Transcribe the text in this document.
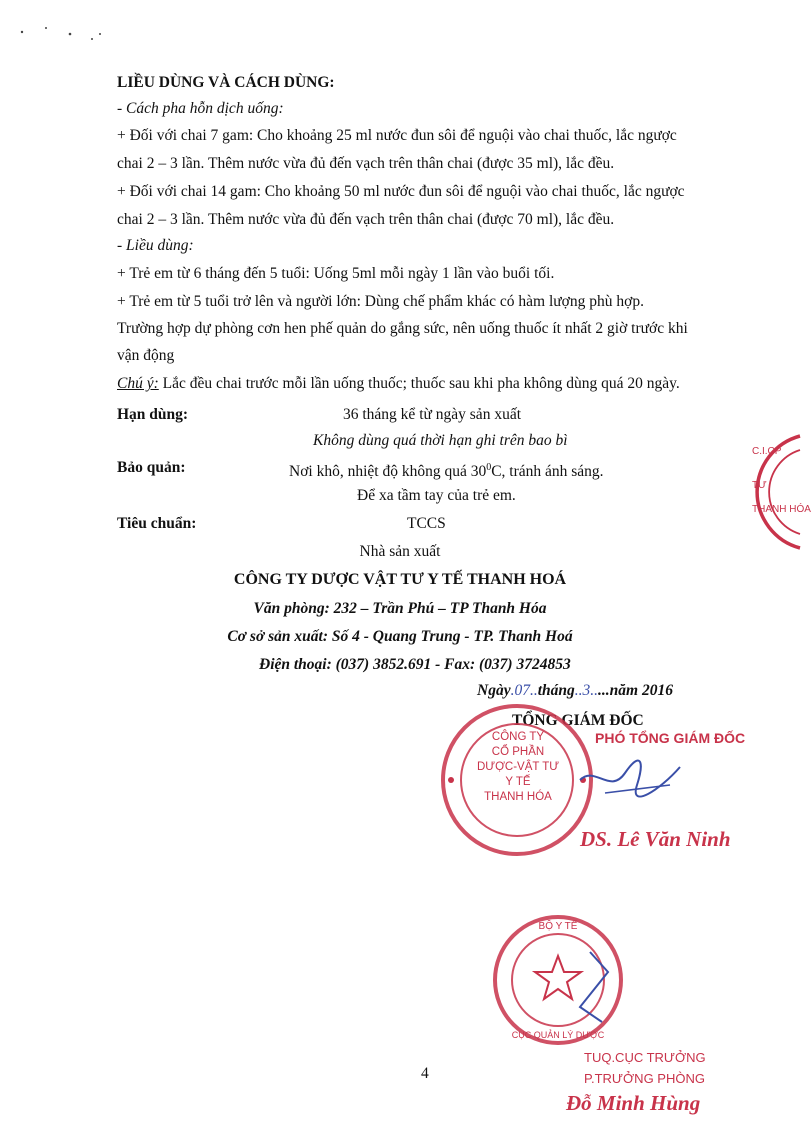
LIỀU DÙNG VÀ CÁCH DÙNG:
- Cách pha hỗn dịch uống:
+ Đối với chai 7 gam: Cho khoảng 25 ml nước đun sôi để nguội vào chai thuốc, lắc ngược
chai 2 – 3 lần. Thêm nước vừa đủ đến vạch trên thân chai (được 35 ml), lắc đều.
+ Đối với chai 14 gam: Cho khoảng 50 ml nước đun sôi để nguội vào chai thuốc, lắc ngược
chai 2 – 3 lần. Thêm nước vừa đủ đến vạch trên thân chai (được 70 ml), lắc đều.
- Liều dùng:
+ Trẻ em từ 6 tháng đến 5 tuổi: Uống 5ml mỗi ngày 1 lần vào buổi tối.
+ Trẻ em từ 5 tuổi trở lên và người lớn: Dùng chế phẩm khác có hàm lượng phù hợp.
Trường hợp dự phòng cơn hen phế quản do gắng sức, nên uống thuốc ít nhất 2 giờ trước khi
vận động
Chú ý: Lắc đều chai trước mỗi lần uống thuốc; thuốc sau khi pha không dùng quá 20 ngày.
Hạn dùng:	36 tháng kể từ ngày sản xuất
Không dùng quá thời hạn ghi trên bao bì
Bảo quản:	Nơi khô, nhiệt độ không quá $30^0C$, tránh ánh sáng.
Để xa tầm tay của trẻ em.
Tiêu chuẩn:	TCCS
Nhà sản xuất
CÔNG TY DƯỢC VẬT TƯ Y TẾ THANH HOÁ
Văn phòng: 232 – Trần Phú – TP Thanh Hóa
Cơ sở sản xuất: Số 4 - Quang Trung - TP. Thanh Hoá
Điện thoại: (037) 3852.691 - Fax: (037) 3724853
Ngày.07..tháng..3.....năm 2016
TỔNG GIÁM ĐỐC
CÔNG TY
CỔ PHẦN
DƯỢC-VẬT TƯ
Y TẾ
THANH HÓA
PHÓ TỔNG GIÁM ĐỐC
DS. Lê Văn Ninh
C.I.CP
TƯ
THANH HÓA
BỘ Y TẾ
CỤC QUẢN LÝ DƯỢC
4
TUQ.CỤC TRƯỞNG
P.TRƯỞNG PHÒNG
Đỗ Minh Hùng
